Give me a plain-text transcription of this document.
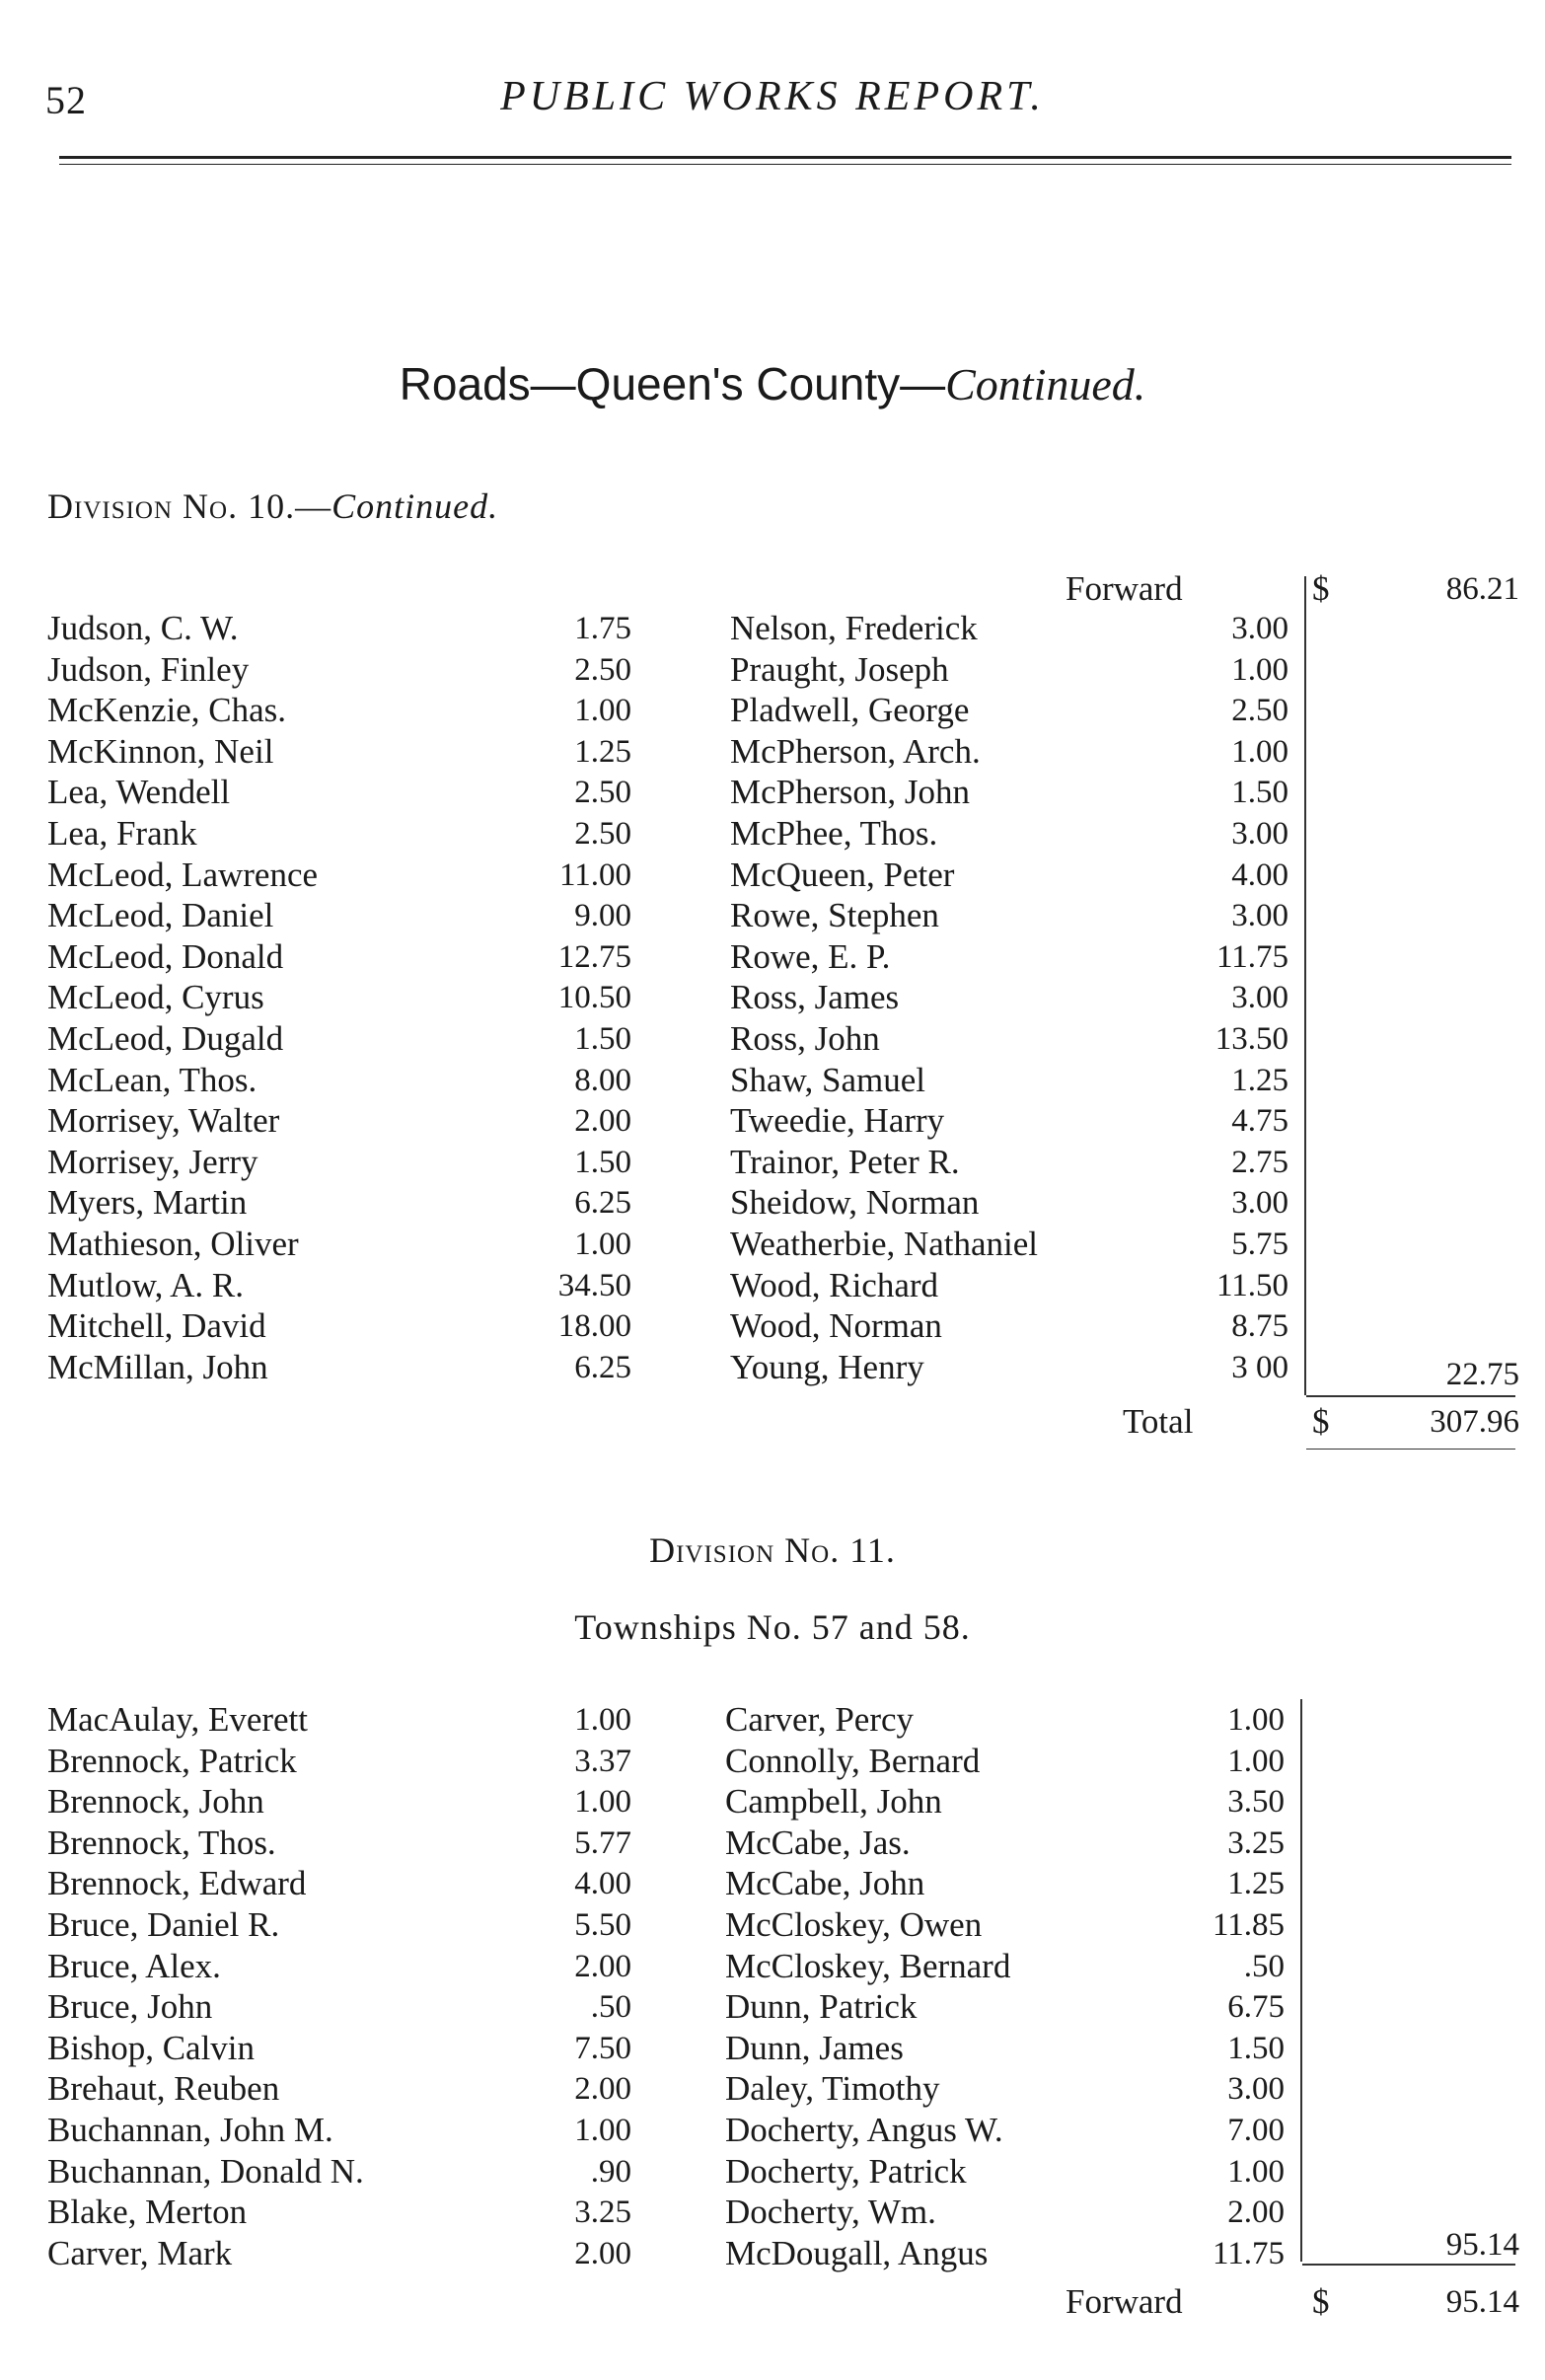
52	PUBLIC WORKS REPORT.
Roads—Queen's County—Continued.
Division No. 10.—Continued.
Forward	$	86.21
Judson, C. W.	1.75
Judson, Finley	2.50
McKenzie, Chas.	1.00
McKinnon, Neil	1.25
Lea, Wendell	2.50
Lea, Frank	2.50
McLeod, Lawrence	11.00
McLeod, Daniel	9.00
McLeod, Donald	12.75
McLeod, Cyrus	10.50
McLeod, Dugald	1.50
McLean, Thos.	8.00
Morrisey, Walter	2.00
Morrisey, Jerry	1.50
Myers, Martin	6.25
Mathieson, Oliver	1.00
Mutlow, A. R.	34.50
Mitchell, David	18.00
McMillan, John	6.25
Nelson, Frederick	3.00
Praught, Joseph	1.00
Pladwell, George	2.50
McPherson, Arch.	1.00
McPherson, John	1.50
McPhee, Thos.	3.00
McQueen, Peter	4.00
Rowe, Stephen	3.00
Rowe, E. P.	11.75
Ross, James	3.00
Ross, John	13.50
Shaw, Samuel	1.25
Tweedie, Harry	4.75
Trainor, Peter R.	2.75
Sheidow, Norman	3.00
Weatherbie, Nathaniel	5.75
Wood, Richard	11.50
Wood, Norman	8.75
Young, Henry	3 00	22.75
Total	$	307.96
Division No. 11.
Townships No. 57 and 58.
MacAulay, Everett	1.00
Brennock, Patrick	3.37
Brennock, John	1.00
Brennock, Thos.	5.77
Brennock, Edward	4.00
Bruce, Daniel R.	5.50
Bruce, Alex.	2.00
Bruce, John	.50
Bishop, Calvin	7.50
Brehaut, Reuben	2.00
Buchannan, John M.	1.00
Buchannan, Donald N.	.90
Blake, Merton	3.25
Carver, Mark	2.00
Carver, Percy	1.00
Connolly, Bernard	1.00
Campbell, John	3.50
McCabe, Jas.	3.25
McCabe, John	1.25
McCloskey, Owen	11.85
McCloskey, Bernard	.50
Dunn, Patrick	6.75
Dunn, James	1.50
Daley, Timothy	3.00
Docherty, Angus W.	7.00
Docherty, Patrick	1.00
Docherty, Wm.	2.00
McDougall, Angus	11.75	95.14
Forward	$	95.14
